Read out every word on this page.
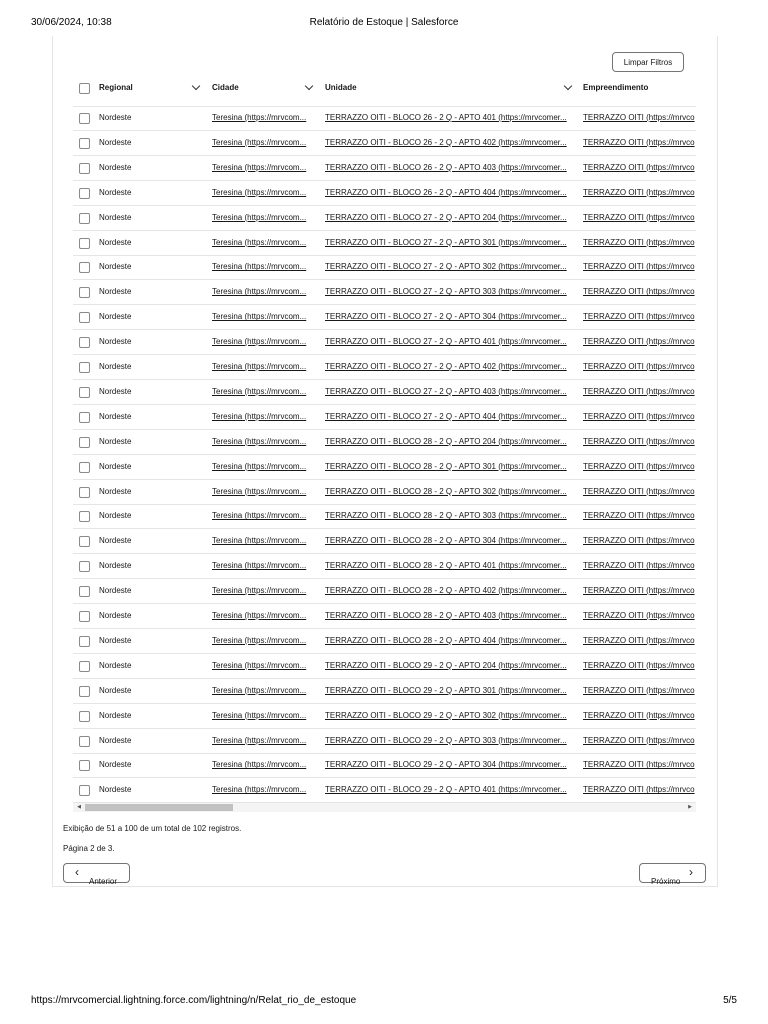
30/06/2024, 10:38	Relatório de Estoque | Salesforce
Limpar Filtros
Regional	Cidade	Unidade	Empreendimento
Nordeste	Teresina (https://mrvcom...	TERRAZZO OITI - BLOCO 26 - 2 Q - APTO 401 (https://mrvcomer...	TERRAZZO OITI (https://mrvco
Nordeste	Teresina (https://mrvcom...	TERRAZZO OITI - BLOCO 26 - 2 Q - APTO 402 (https://mrvcomer...	TERRAZZO OITI (https://mrvco
Nordeste	Teresina (https://mrvcom...	TERRAZZO OITI - BLOCO 26 - 2 Q - APTO 403 (https://mrvcomer...	TERRAZZO OITI (https://mrvco
Nordeste	Teresina (https://mrvcom...	TERRAZZO OITI - BLOCO 26 - 2 Q - APTO 404 (https://mrvcomer...	TERRAZZO OITI (https://mrvco
Nordeste	Teresina (https://mrvcom...	TERRAZZO OITI - BLOCO 27 - 2 Q - APTO 204 (https://mrvcomer...	TERRAZZO OITI (https://mrvco
Nordeste	Teresina (https://mrvcom...	TERRAZZO OITI - BLOCO 27 - 2 Q - APTO 301 (https://mrvcomer...	TERRAZZO OITI (https://mrvco
Nordeste	Teresina (https://mrvcom...	TERRAZZO OITI - BLOCO 27 - 2 Q - APTO 302 (https://mrvcomer...	TERRAZZO OITI (https://mrvco
Nordeste	Teresina (https://mrvcom...	TERRAZZO OITI - BLOCO 27 - 2 Q - APTO 303 (https://mrvcomer...	TERRAZZO OITI (https://mrvco
Nordeste	Teresina (https://mrvcom...	TERRAZZO OITI - BLOCO 27 - 2 Q - APTO 304 (https://mrvcomer...	TERRAZZO OITI (https://mrvco
Nordeste	Teresina (https://mrvcom...	TERRAZZO OITI - BLOCO 27 - 2 Q - APTO 401 (https://mrvcomer...	TERRAZZO OITI (https://mrvco
Nordeste	Teresina (https://mrvcom...	TERRAZZO OITI - BLOCO 27 - 2 Q - APTO 402 (https://mrvcomer...	TERRAZZO OITI (https://mrvco
Nordeste	Teresina (https://mrvcom...	TERRAZZO OITI - BLOCO 27 - 2 Q - APTO 403 (https://mrvcomer...	TERRAZZO OITI (https://mrvco
Nordeste	Teresina (https://mrvcom...	TERRAZZO OITI - BLOCO 27 - 2 Q - APTO 404 (https://mrvcomer...	TERRAZZO OITI (https://mrvco
Nordeste	Teresina (https://mrvcom...	TERRAZZO OITI - BLOCO 28 - 2 Q - APTO 204 (https://mrvcomer...	TERRAZZO OITI (https://mrvco
Nordeste	Teresina (https://mrvcom...	TERRAZZO OITI - BLOCO 28 - 2 Q - APTO 301 (https://mrvcomer...	TERRAZZO OITI (https://mrvco
Nordeste	Teresina (https://mrvcom...	TERRAZZO OITI - BLOCO 28 - 2 Q - APTO 302 (https://mrvcomer...	TERRAZZO OITI (https://mrvco
Nordeste	Teresina (https://mrvcom...	TERRAZZO OITI - BLOCO 28 - 2 Q - APTO 303 (https://mrvcomer...	TERRAZZO OITI (https://mrvco
Nordeste	Teresina (https://mrvcom...	TERRAZZO OITI - BLOCO 28 - 2 Q - APTO 304 (https://mrvcomer...	TERRAZZO OITI (https://mrvco
Nordeste	Teresina (https://mrvcom...	TERRAZZO OITI - BLOCO 28 - 2 Q - APTO 401 (https://mrvcomer...	TERRAZZO OITI (https://mrvco
Nordeste	Teresina (https://mrvcom...	TERRAZZO OITI - BLOCO 28 - 2 Q - APTO 402 (https://mrvcomer...	TERRAZZO OITI (https://mrvco
Nordeste	Teresina (https://mrvcom...	TERRAZZO OITI - BLOCO 28 - 2 Q - APTO 403 (https://mrvcomer...	TERRAZZO OITI (https://mrvco
Nordeste	Teresina (https://mrvcom...	TERRAZZO OITI - BLOCO 28 - 2 Q - APTO 404 (https://mrvcomer...	TERRAZZO OITI (https://mrvco
Nordeste	Teresina (https://mrvcom...	TERRAZZO OITI - BLOCO 29 - 2 Q - APTO 204 (https://mrvcomer...	TERRAZZO OITI (https://mrvco
Nordeste	Teresina (https://mrvcom...	TERRAZZO OITI - BLOCO 29 - 2 Q - APTO 301 (https://mrvcomer...	TERRAZZO OITI (https://mrvco
Nordeste	Teresina (https://mrvcom...	TERRAZZO OITI - BLOCO 29 - 2 Q - APTO 302 (https://mrvcomer...	TERRAZZO OITI (https://mrvco
Nordeste	Teresina (https://mrvcom...	TERRAZZO OITI - BLOCO 29 - 2 Q - APTO 303 (https://mrvcomer...	TERRAZZO OITI (https://mrvco
Nordeste	Teresina (https://mrvcom...	TERRAZZO OITI - BLOCO 29 - 2 Q - APTO 304 (https://mrvcomer...	TERRAZZO OITI (https://mrvco
Nordeste	Teresina (https://mrvcom...	TERRAZZO OITI - BLOCO 29 - 2 Q - APTO 401 (https://mrvcomer...	TERRAZZO OITI (https://mrvco
◀	▶
Exibição de 51 a 100 de um total de 102 registros.
Página 2 de 3.
‹
Anterior	Próximo
›
https://mrvcomercial.lightning.force.com/lightning/n/Relat_rio_de_estoque	5/5
